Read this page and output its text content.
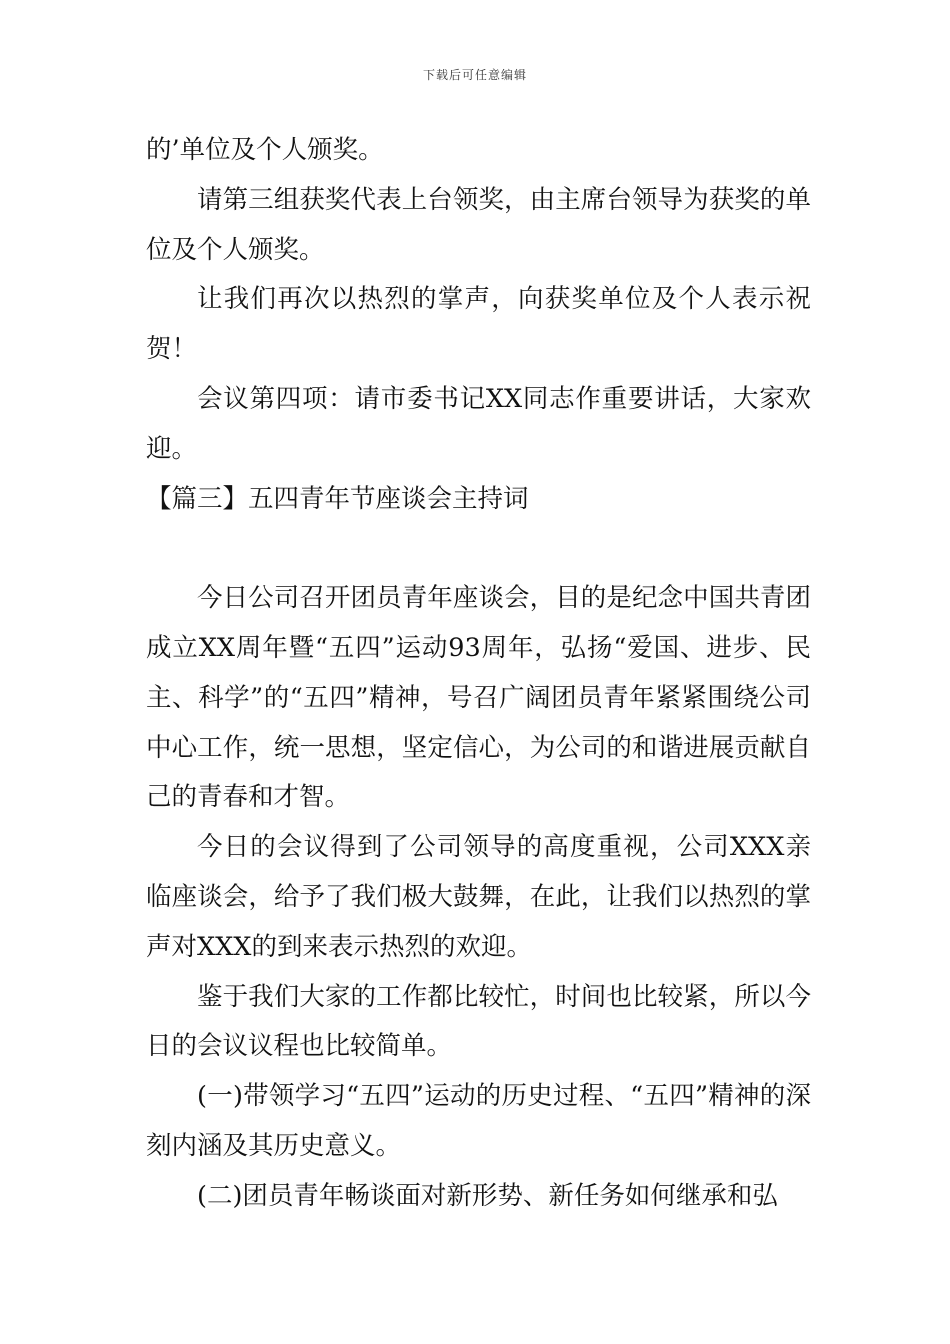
下载后可任意编辑

的’单位及个人颁奖。

请第三组获奖代表上台领奖，由主席台领导为获奖的单位及个人颁奖。

让我们再次以热烈的掌声，向获奖单位及个人表示祝贺！

会议第四项：请市委书记XX同志作重要讲话，大家欢迎。

【篇三】五四青年节座谈会主持词

今日公司召开团员青年座谈会，目的是纪念中国共青团成立XX周年暨“五四”运动93周年，弘扬“爱国、进步、民主、科学”的“五四”精神，号召广阔团员青年紧紧围绕公司中心工作，统一思想，坚定信心，为公司的和谐进展贡献自己的青春和才智。

今日的会议得到了公司领导的高度重视，公司XXX亲临座谈会，给予了我们极大鼓舞，在此，让我们以热烈的掌声对XXX的到来表示热烈的欢迎。

鉴于我们大家的工作都比较忙，时间也比较紧，所以今日的会议议程也比较简单。

(一)带领学习“五四”运动的历史过程、“五四”精神的深刻内涵及其历史意义。

(二)团员青年畅谈面对新形势、新任务如何继承和弘
